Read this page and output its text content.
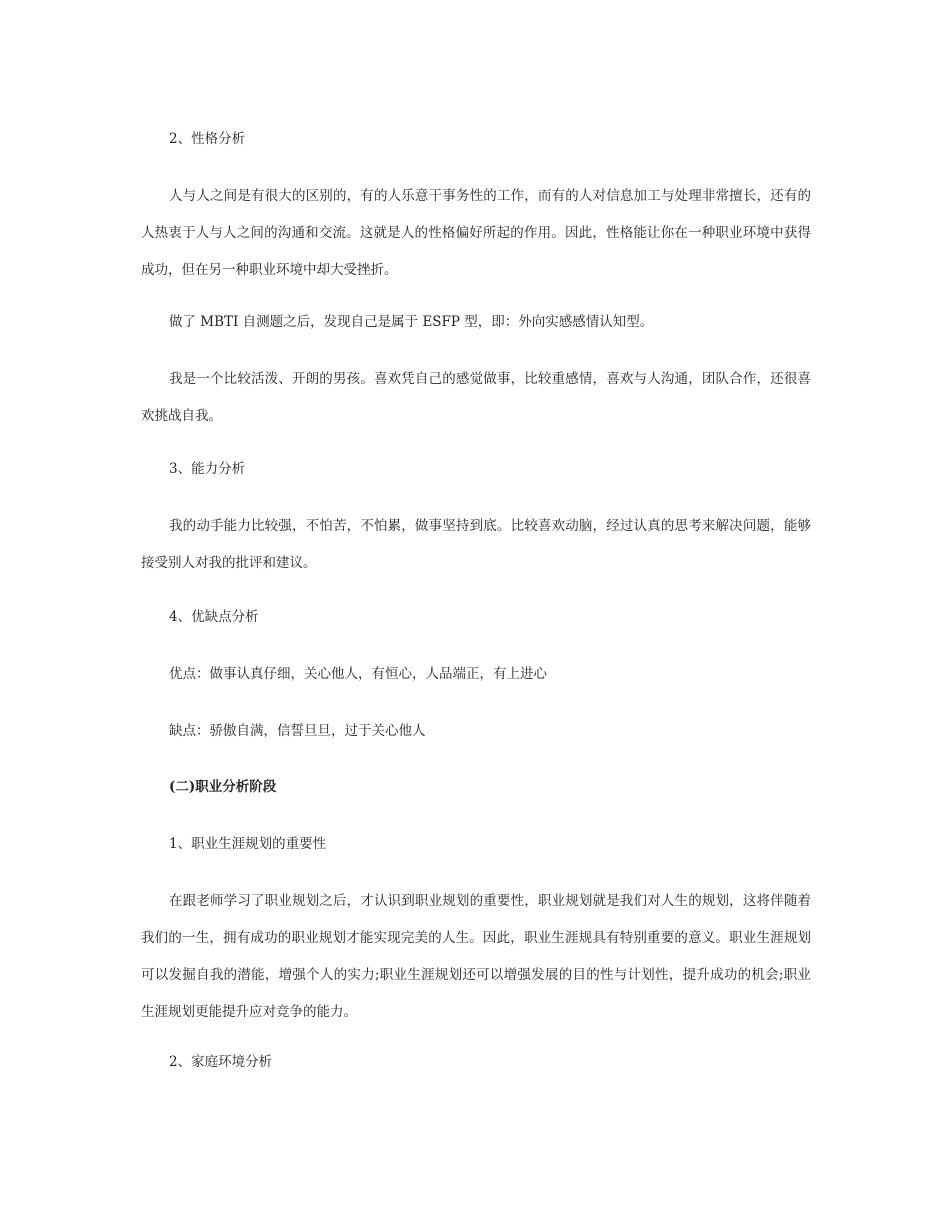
2、性格分析

人与人之间是有很大的区别的，有的人乐意干事务性的工作，而有的人对信息加工与处理非常擅长，还有的人热衷于人与人之间的沟通和交流。这就是人的性格偏好所起的作用。因此，性格能让你在一种职业环境中获得成功，但在另一种职业环境中却大受挫折。

做了 MBTI 自测题之后，发现自己是属于 ESFP 型，即：外向实感感情认知型。

我是一个比较活泼、开朗的男孩。喜欢凭自己的感觉做事，比较重感情，喜欢与人沟通，团队合作，还很喜欢挑战自我。

3、能力分析

我的动手能力比较强，不怕苦，不怕累，做事坚持到底。比较喜欢动脑，经过认真的思考来解决问题，能够接受别人对我的批评和建议。

4、优缺点分析

优点：做事认真仔细，关心他人，有恒心，人品端正，有上进心

缺点：骄傲自满，信誓旦旦，过于关心他人

(二)职业分析阶段

1、职业生涯规划的重要性

在跟老师学习了职业规划之后，才认识到职业规划的重要性，职业规划就是我们对人生的规划，这将伴随着我们的一生，拥有成功的职业规划才能实现完美的人生。因此，职业生涯规具有特别重要的意义。职业生涯规划可以发掘自我的潜能，增强个人的实力;职业生涯规划还可以增强发展的目的性与计划性，提升成功的机会;职业生涯规划更能提升应对竞争的能力。

2、家庭环境分析
